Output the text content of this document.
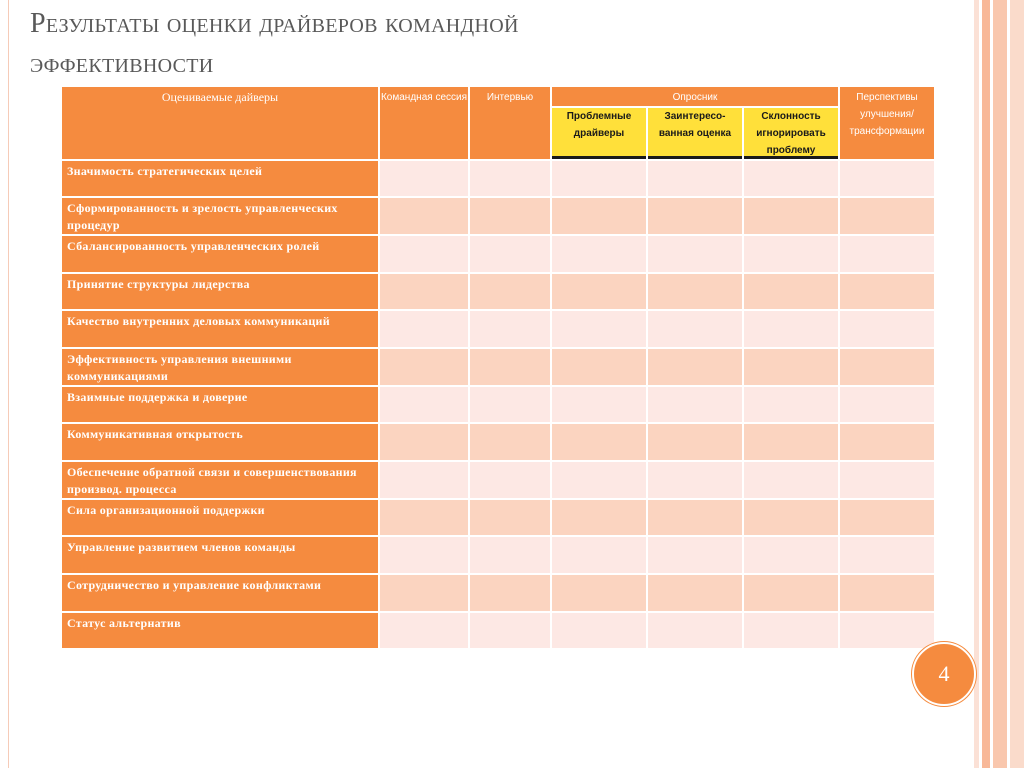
Результаты оценки драйверов командной
эффективности
Оцениваемые дайверы	Командная сессия	Интервью	Опросник			Перспективы улучшения/ трансформации
			Проблемные драйверы	Заинтересо-ванная оценка	Склонность игнорировать проблему	
Значимость стратегических целей						
Сформированность и зрелость управленческих процедур						
Сбалансированность управленческих ролей						
Принятие структуры лидерства						
Качество внутренних деловых коммуникаций						
Эффективность управления внешними коммуникациями						
Взаимные поддержка и доверие						
Коммуникативная открытость						
Обеспечение обратной связи и совершенствования производ. процесса						
Сила организационной поддержки						
Управление развитием членов команды						
Сотрудничество и управление конфликтами						
Статус альтернатив						
4
